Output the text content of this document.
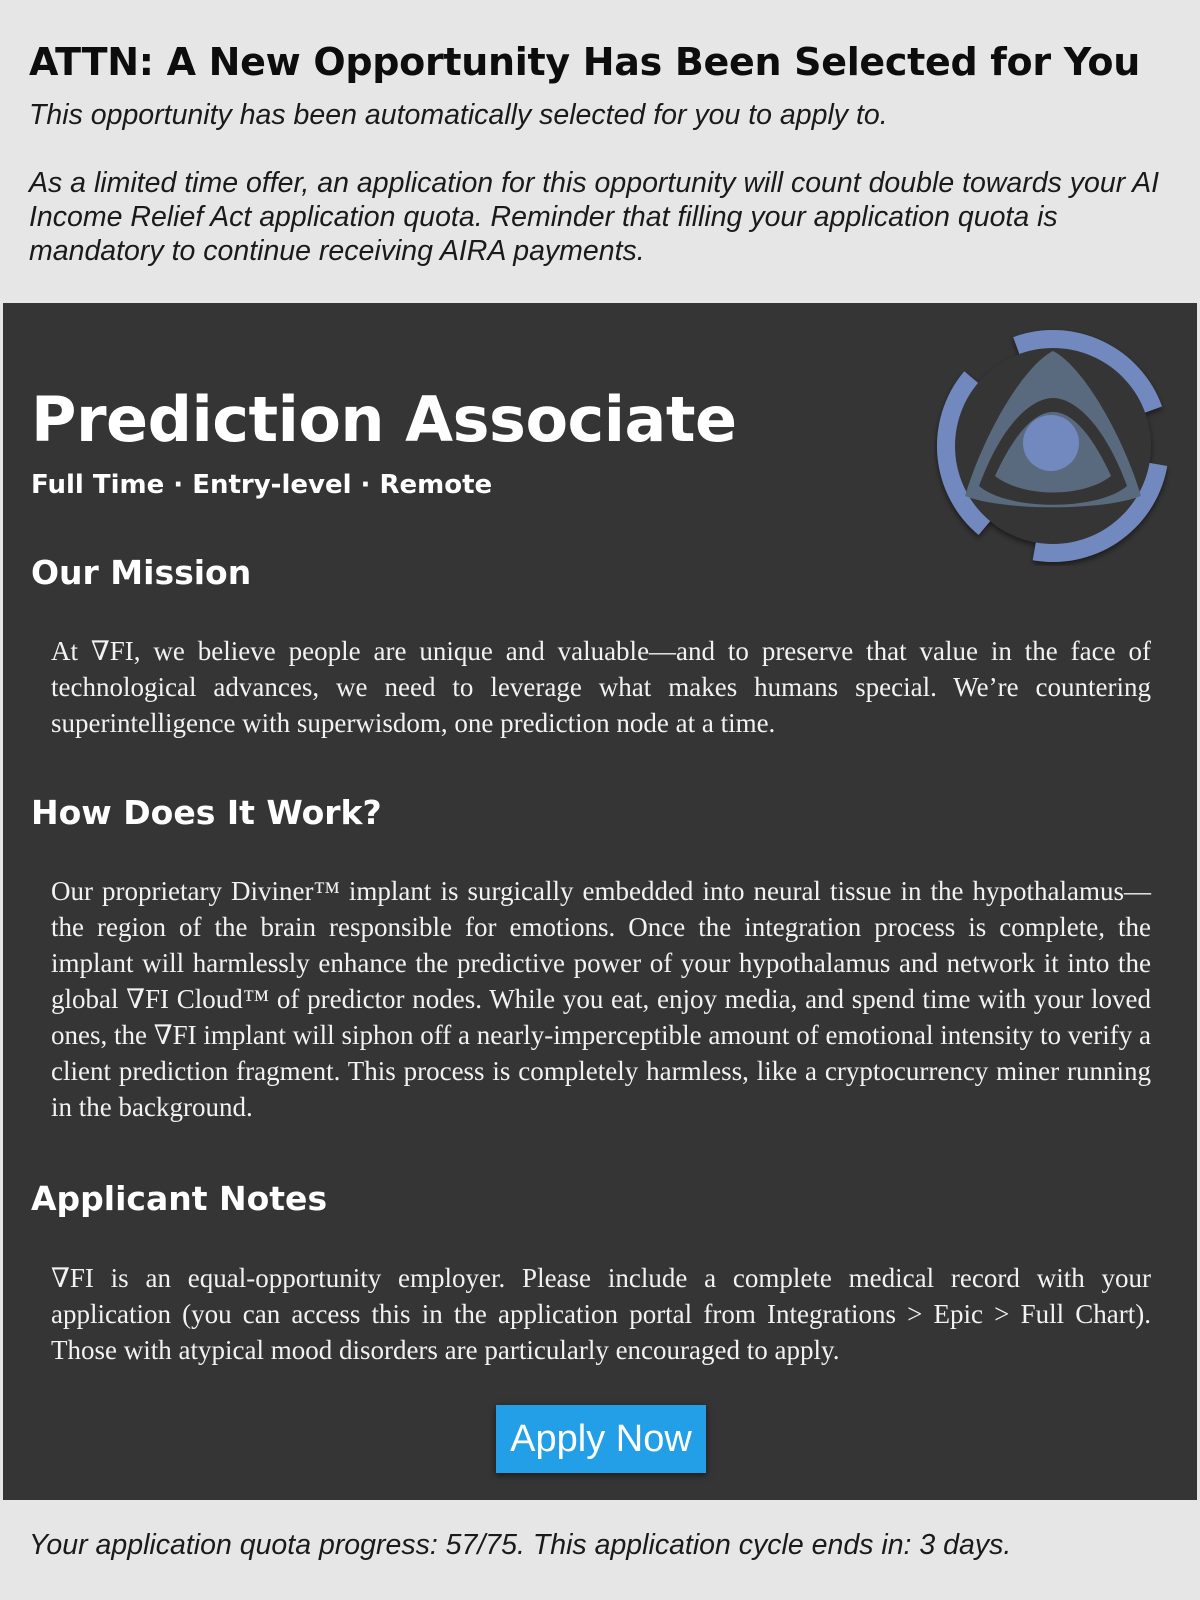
ATTN: A New Opportunity Has Been Selected for You
This opportunity has been automatically selected for you to apply to.
As a limited time offer, an application for this opportunity will count double towards your AI Income Relief Act application quota. Reminder that filling your application quota is mandatory to continue receiving AIRA payments.
Prediction Associate
Full Time · Entry-level · Remote
Our Mission
At ∇FI, we believe people are unique and valuable—and to preserve that value in the face of technological advances, we need to leverage what makes humans special. We’re countering superintelligence with superwisdom, one prediction node at a time.
How Does It Work?
Our proprietary Diviner™ implant is surgically embedded into neural tissue in the hypothalamus—the region of the brain responsible for emotions. Once the integration process is complete, the implant will harmlessly enhance the predictive power of your hypothalamus and network it into the global ∇FI Cloud™ of predictor nodes. While you eat, enjoy media, and spend time with your loved ones, the ∇FI implant will siphon off a nearly-imperceptible amount of emotional intensity to verify a client prediction fragment. This process is completely harmless, like a cryptocurrency miner running in the background.
Applicant Notes
∇FI is an equal-opportunity employer. Please include a complete medical record with your application (you can access this in the application portal from Integrations > Epic > Full Chart). Those with atypical mood disorders are particularly encouraged to apply.
Apply Now
Your application quota progress: 57/75. This application cycle ends in: 3 days.
